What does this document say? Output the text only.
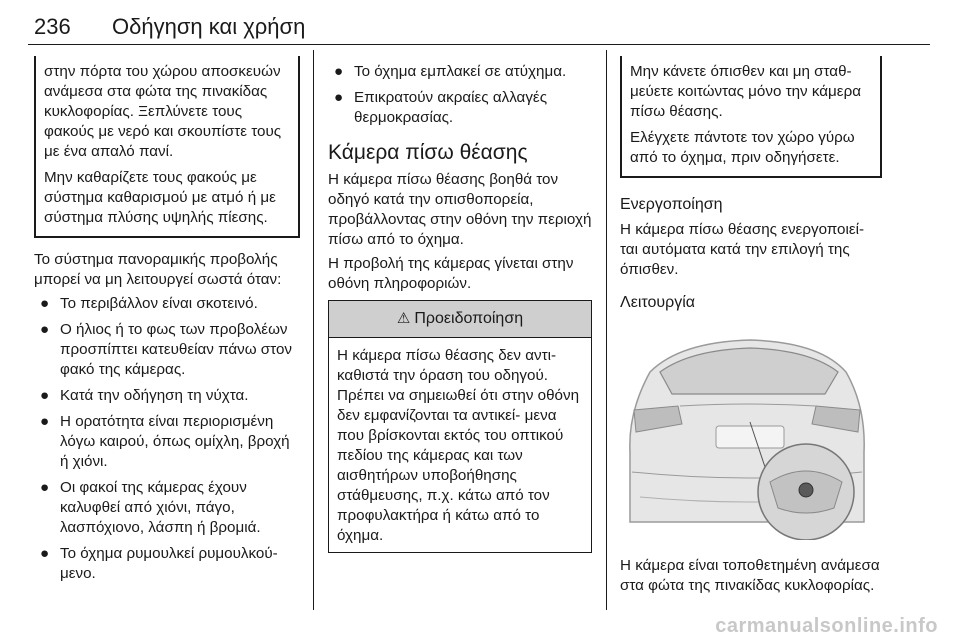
236 Οδήγηση και χρήση

στην πόρτα του χώρου αποσκευών ανάμεσα στα φώτα της πινακίδας κυκλοφορίας. Ξεπλύνετε τους φακούς με νερό και σκουπίστε τους με ένα απαλό πανί.

Μην καθαρίζετε τους φακούς με σύστημα καθαρισμού με ατμό ή με σύστημα πλύσης υψηλής πίεσης.

Το σύστημα πανοραμικής προβολής μπορεί να μη λειτουργεί σωστά όταν:

● Το περιβάλλον είναι σκοτεινό.
● Ο ήλιος ή το φως των προβολέων προσπίπτει κατευθείαν πάνω στον φακό της κάμερας.
● Κατά την οδήγηση τη νύχτα.
● Η ορατότητα είναι περιορισμένη λόγω καιρού, όπως ομίχλη, βροχή ή χιόνι.
● Οι φακοί της κάμερας έχουν καλυφθεί από χιόνι, πάγο, λασπόχιονο, λάσπη ή βρομιά.
● Το όχημα ρυμουλκεί ρυμουλκού- μενο.
● Το όχημα εμπλακεί σε ατύχημα.
● Επικρατούν ακραίες αλλαγές θερμοκρασίας.
Κάμερα πίσω θέασης

Η κάμερα πίσω θέασης βοηθά τον οδηγό κατά την οπισθοπορεία, προβάλλοντας στην οθόνη την περιοχή πίσω από το όχημα.

Η προβολή της κάμερας γίνεται στην οθόνη πληροφοριών.

⚠ Προειδοποίηση
Η κάμερα πίσω θέασης δεν αντι- καθιστά την όραση του οδηγού. Πρέπει να σημειωθεί ότι στην οθόνη δεν εμφανίζονται τα αντικεί- μενα που βρίσκονται εκτός του οπτικού πεδίου της κάμερας και των αισθητήρων υποβοήθησης στάθμευσης, π.χ. κάτω από τον προφυλακτήρα ή κάτω από το όχημα.

Μην κάνετε όπισθεν και μη σταθ- μεύετε κοιτώντας μόνο την κάμερα πίσω θέασης.

Ελέγχετε πάντοτε τον χώρο γύρω από το όχημα, πριν οδηγήσετε.

Ενεργοποίηση

Η κάμερα πίσω θέασης ενεργοποιεί- ται αυτόματα κατά την επιλογή της όπισθεν.

Λειτουργία

Η κάμερα είναι τοποθετημένη ανάμεσα στα φώτα της πινακίδας κυκλοφορίας.

carmanualsonline.info
